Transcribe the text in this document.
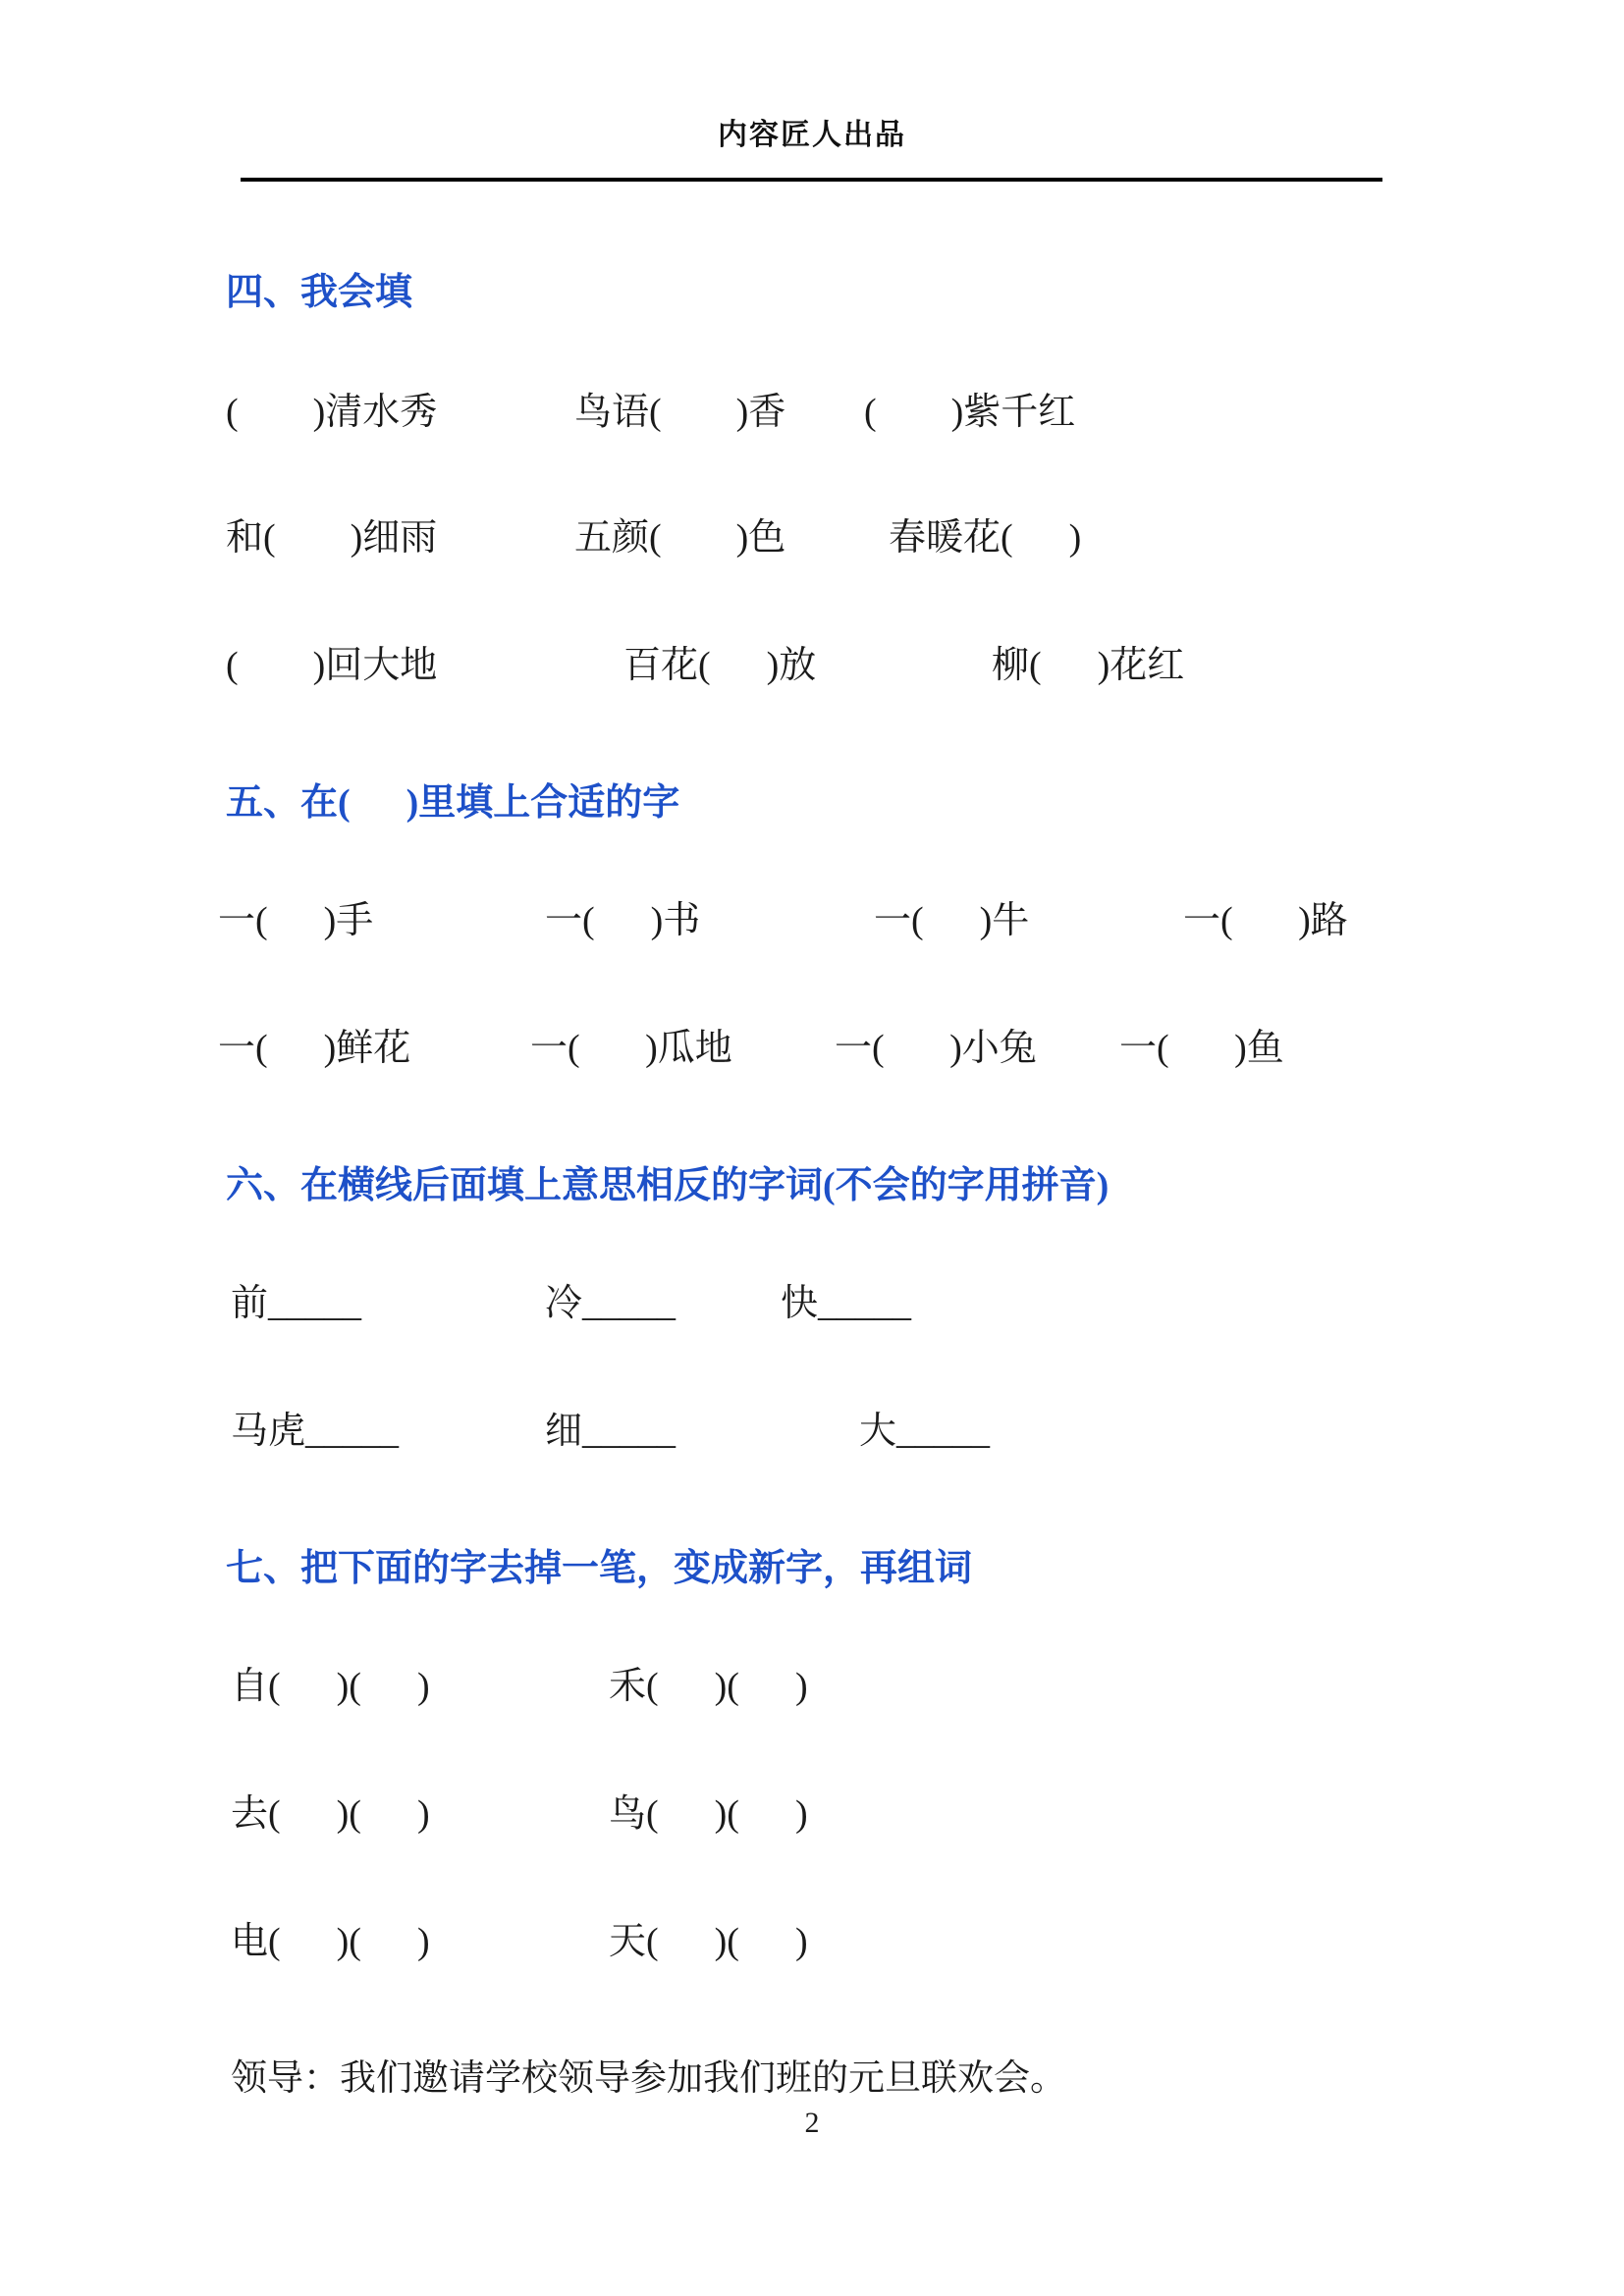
内容匠人出品
四、我会填
(        )清水秀	鸟语(        )香 (        )紫千红
和(        )细雨	五颜(        )色	春暖花(      )
(        )回大地	百花(      )放	柳(      )花红
五、在(      )里填上合适的字
一(      )手	一(      )书	一(      )牛	一(       )路
一(      )鲜花	一(       )瓜地	一(       )小兔 一(       )鱼
六、在横线后面填上意思相反的字词(不会的字用拼音)
前_____	冷_____	快_____
马虎_____	细_____	大_____
七、把下面的字去掉一笔，变成新字，再组词
自(      )(      )	禾(      )(      )
去(      )(      )	鸟(      )(      )
电(      )(      )	天(      )(      )
领导：我们邀请学校领导参加我们班的元旦联欢会。
2
